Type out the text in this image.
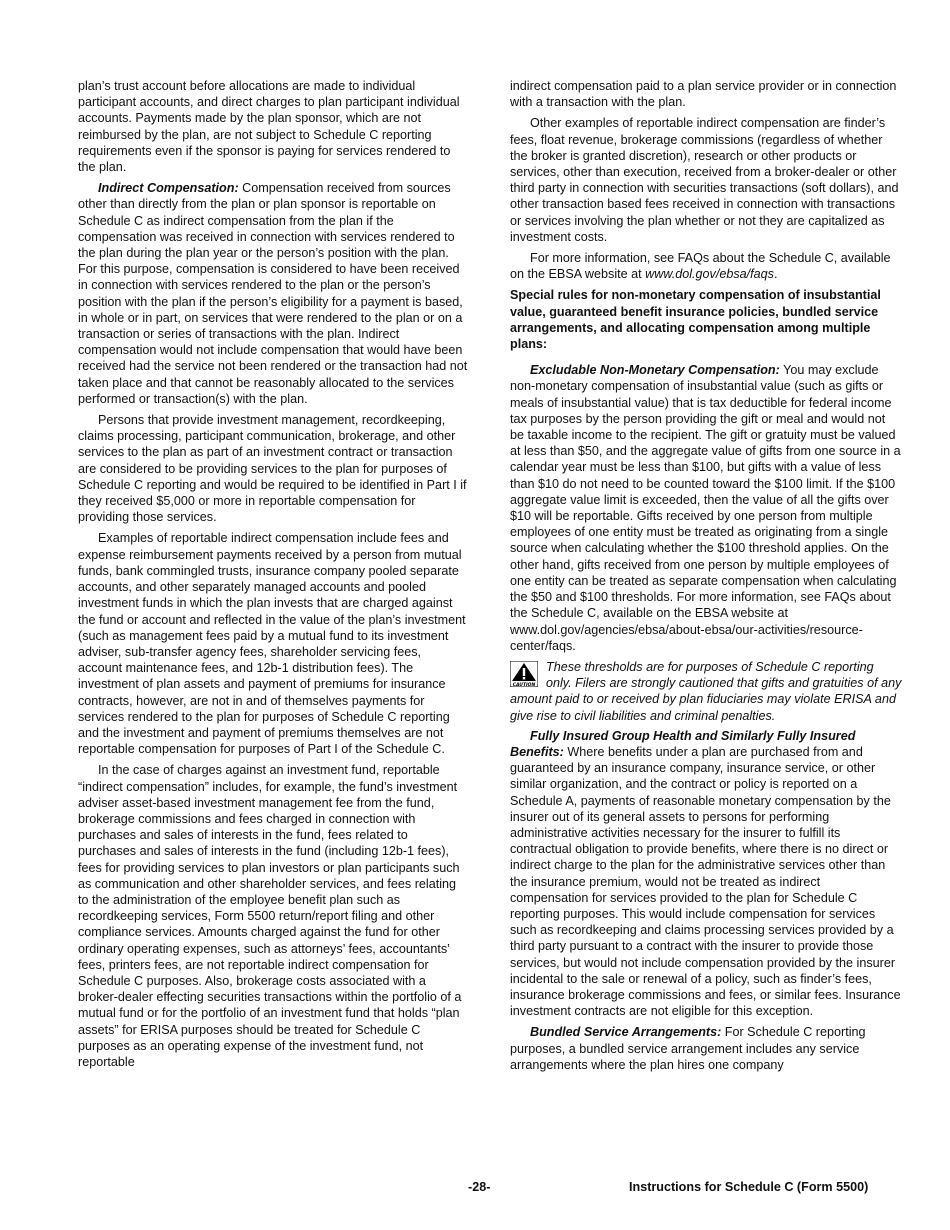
plan’s trust account before allocations are made to individual participant accounts, and direct charges to plan participant individual accounts. Payments made by the plan sponsor, which are not reimbursed by the plan, are not subject to Schedule C reporting requirements even if the sponsor is paying for services rendered to the plan.

Indirect Compensation: Compensation received from sources other than directly from the plan or plan sponsor is reportable on Schedule C as indirect compensation from the plan if the compensation was received in connection with services rendered to the plan during the plan year or the person’s position with the plan. For this purpose, compensation is considered to have been received in connection with services rendered to the plan or the person’s position with the plan if the person’s eligibility for a payment is based, in whole or in part, on services that were rendered to the plan or on a transaction or series of transactions with the plan. Indirect compensation would not include compensation that would have been received had the service not been rendered or the transaction had not taken place and that cannot be reasonably allocated to the services performed or transaction(s) with the plan.

Persons that provide investment management, recordkeeping, claims processing, participant communication, brokerage, and other services to the plan as part of an investment contract or transaction are considered to be providing services to the plan for purposes of Schedule C reporting and would be required to be identified in Part I if they received $5,000 or more in reportable compensation for providing those services.

Examples of reportable indirect compensation include fees and expense reimbursement payments received by a person from mutual funds, bank commingled trusts, insurance company pooled separate accounts, and other separately managed accounts and pooled investment funds in which the plan invests that are charged against the fund or account and reflected in the value of the plan’s investment (such as management fees paid by a mutual fund to its investment adviser, sub-transfer agency fees, shareholder servicing fees, account maintenance fees, and 12b-1 distribution fees). The investment of plan assets and payment of premiums for insurance contracts, however, are not in and of themselves payments for services rendered to the plan for purposes of Schedule C reporting and the investment and payment of premiums themselves are not reportable compensation for purposes of Part I of the Schedule C.

In the case of charges against an investment fund, reportable “indirect compensation” includes, for example, the fund’s investment adviser asset-based investment management fee from the fund, brokerage commissions and fees charged in connection with purchases and sales of interests in the fund, fees related to purchases and sales of interests in the fund (including 12b-1 fees), fees for providing services to plan investors or plan participants such as communication and other shareholder services, and fees relating to the administration of the employee benefit plan such as recordkeeping services, Form 5500 return/report filing and other compliance services. Amounts charged against the fund for other ordinary operating expenses, such as attorneys’ fees, accountants’ fees, printers fees, are not reportable indirect compensation for Schedule C purposes. Also, brokerage costs associated with a broker-dealer effecting securities transactions within the portfolio of a mutual fund or for the portfolio of an investment fund that holds “plan assets” for ERISA purposes should be treated for Schedule C purposes as an operating expense of the investment fund, not reportable

indirect compensation paid to a plan service provider or in connection with a transaction with the plan.

Other examples of reportable indirect compensation are finder’s fees, float revenue, brokerage commissions (regardless of whether the broker is granted discretion), research or other products or services, other than execution, received from a broker-dealer or other third party in connection with securities transactions (soft dollars), and other transaction based fees received in connection with transactions or services involving the plan whether or not they are capitalized as investment costs.

For more information, see FAQs about the Schedule C, available on the EBSA website at www.dol.gov/ebsa/faqs.

Special rules for non-monetary compensation of insubstantial value, guaranteed benefit insurance policies, bundled service arrangements, and allocating compensation among multiple plans:

Excludable Non-Monetary Compensation: You may exclude non-monetary compensation of insubstantial value (such as gifts or meals of insubstantial value) that is tax deductible for federal income tax purposes by the person providing the gift or meal and would not be taxable income to the recipient. The gift or gratuity must be valued at less than $50, and the aggregate value of gifts from one source in a calendar year must be less than $100, but gifts with a value of less than $10 do not need to be counted toward the $100 limit. If the $100 aggregate value limit is exceeded, then the value of all the gifts over $10 will be reportable. Gifts received by one person from multiple employees of one entity must be treated as originating from a single source when calculating whether the $100 threshold applies. On the other hand, gifts received from one person by multiple employees of one entity can be treated as separate compensation when calculating the $50 and $100 thresholds. For more information, see FAQs about the Schedule C, available on the EBSA website at www.dol.gov/agencies/ebsa/about-ebsa/our-activities/resource-center/faqs.

CAUTION
These thresholds are for purposes of Schedule C reporting only. Filers are strongly cautioned that gifts and gratuities of any amount paid to or received by plan fiduciaries may violate ERISA and give rise to civil liabilities and criminal penalties.

Fully Insured Group Health and Similarly Fully Insured Benefits: Where benefits under a plan are purchased from and guaranteed by an insurance company, insurance service, or other similar organization, and the contract or policy is reported on a Schedule A, payments of reasonable monetary compensation by the insurer out of its general assets to persons for performing administrative activities necessary for the insurer to fulfill its contractual obligation to provide benefits, where there is no direct or indirect charge to the plan for the administrative services other than the insurance premium, would not be treated as indirect compensation for services provided to the plan for Schedule C reporting purposes. This would include compensation for services such as recordkeeping and claims processing services provided by a third party pursuant to a contract with the insurer to provide those services, but would not include compensation provided by the insurer incidental to the sale or renewal of a policy, such as finder’s fees, insurance brokerage commissions and fees, or similar fees. Insurance investment contracts are not eligible for this exception.

Bundled Service Arrangements: For Schedule C reporting purposes, a bundled service arrangement includes any service arrangements where the plan hires one company

-28-	Instructions for Schedule C (Form 5500)
